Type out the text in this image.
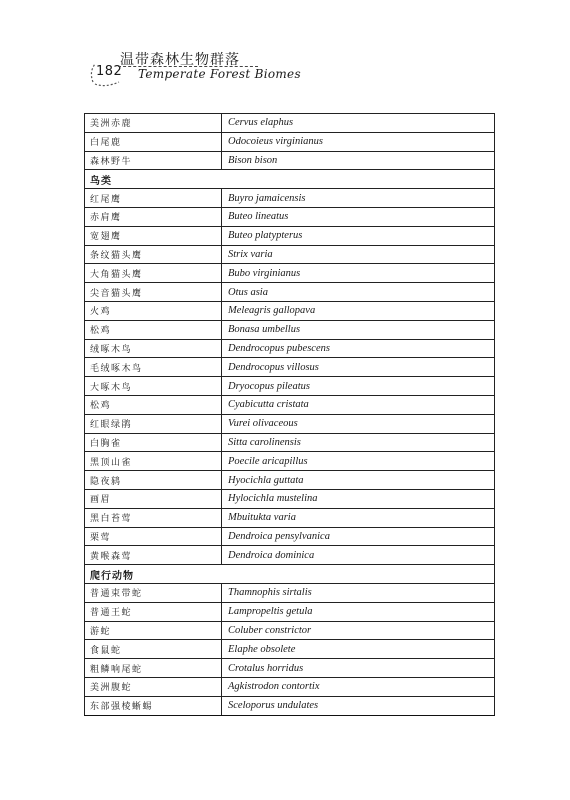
182
温带森林生物群落
Temperate Forest Biomes
美洲赤鹿	Cervus elaphus
白尾鹿	Odocoieus virginianus
森林野牛	Bison bison
鸟类	
红尾鹰	Buyro jamaicensis
赤肩鹰	Buteo lineatus
宽翅鹰	Buteo platypterus
条纹猫头鹰	Strix varia
大角猫头鹰	Bubo virginianus
尖音猫头鹰	Otus asia
火鸡	Meleagris gallopava
松鸡	Bonasa umbellus
绒啄木鸟	Dendrocopus pubescens
毛绒啄木鸟	Dendrocopus villosus
大啄木鸟	Dryocopus pileatus
松鸡	Cyabicutta cristata
红眼绿鹃	Vurei olivaceous
白胸雀	Sitta carolinensis
黑顶山雀	Poecile aricapillus
隐夜鸫	Hyocichla guttata
画眉	Hylocichla mustelina
黑白苔莺	Mbuitukta varia
栗莺	Dendroica pensylvanica
黄喉森莺	Dendroica dominica
爬行动物	
普通束带蛇	Thamnophis sirtalis
普通王蛇	Lampropeltis getula
游蛇	Coluber constrictor
食鼠蛇	Elaphe obsolete
粗鳞响尾蛇	Crotalus horridus
美洲腹蛇	Agkistrodon contortix
东部强棱蜥蜴	Sceloporus undulates
